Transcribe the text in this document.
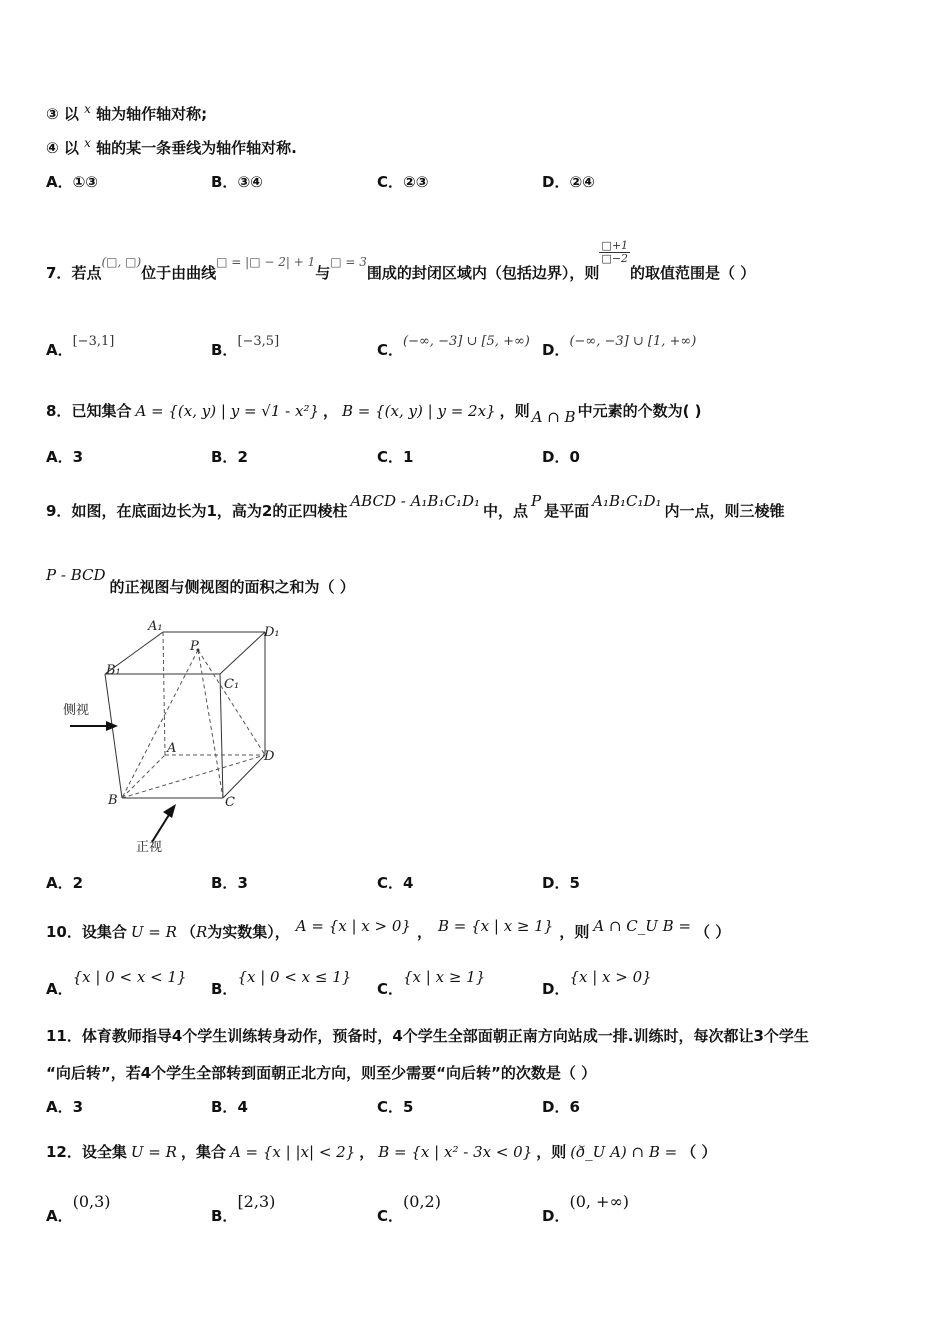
③ 以 $^x$ 轴为轴作轴对称;
④ 以 $^x$ 轴的某一条垂线为轴作轴对称.
A．①③	B．③④	C．②③	D．②④
7．若点(□, □)位于由曲线$^{□ = |□ - 2| + 1}$与$^{□ = 3}$围成的封闭区域内（包括边界），则
$\frac{□+1}{□-2}$
的取值范围是（ ）
A．[−3,1]	B．[−3,5]	C．(−∞, −3] ∪ [5, +∞) D．(−∞, −3] ∪ [1, +∞)
8．已知集合 A = {(x, y) | y = √1 - x²} ， B = {(x, y) | y = 2x} ，则 A ∩ B 中元素的个数为( )
A．3	B．2	C．1	D．0
9．如图，在底面边长为1，高为2的正四棱柱ABCD - A₁B₁C₁D₁中，点P是平面A₁B₁C₁D₁内一点，则三棱锥
P - BCD的正视图与侧视图的面积之和为（ ）
A₁	D₁
B₁
C₁
P
A
D
B	C
侧视
正视
A．2	B．3	C．4	D．5
10．设集合 U = R （R为实数集）， A = {x | x > 0} ， B = {x | x ≥ 1} ，则 A ∩ C_U B = （ ）
A．{x | 0 < x < 1}
B．{x | 0 < x ≤ 1}
C．{x | x ≥ 1}
D．{x | x > 0}
11．体育教师指导4个学生训练转身动作，预备时，4个学生全部面朝正南方向站成一排.训练时，每次都让3个学生
“向后转”，若4个学生全部转到面朝正北方向，则至少需要“向后转”的次数是（ ）
A．3	B．4	C．5	D．6
12．设全集 U = R ，集合 A = {x | |x| < 2} ， B = {x | x² - 3x < 0} ，则 (ð_U A) ∩ B = （ ）
A．(0,3)
B．[2,3)
C．(0,2)
D．(0, +∞)
